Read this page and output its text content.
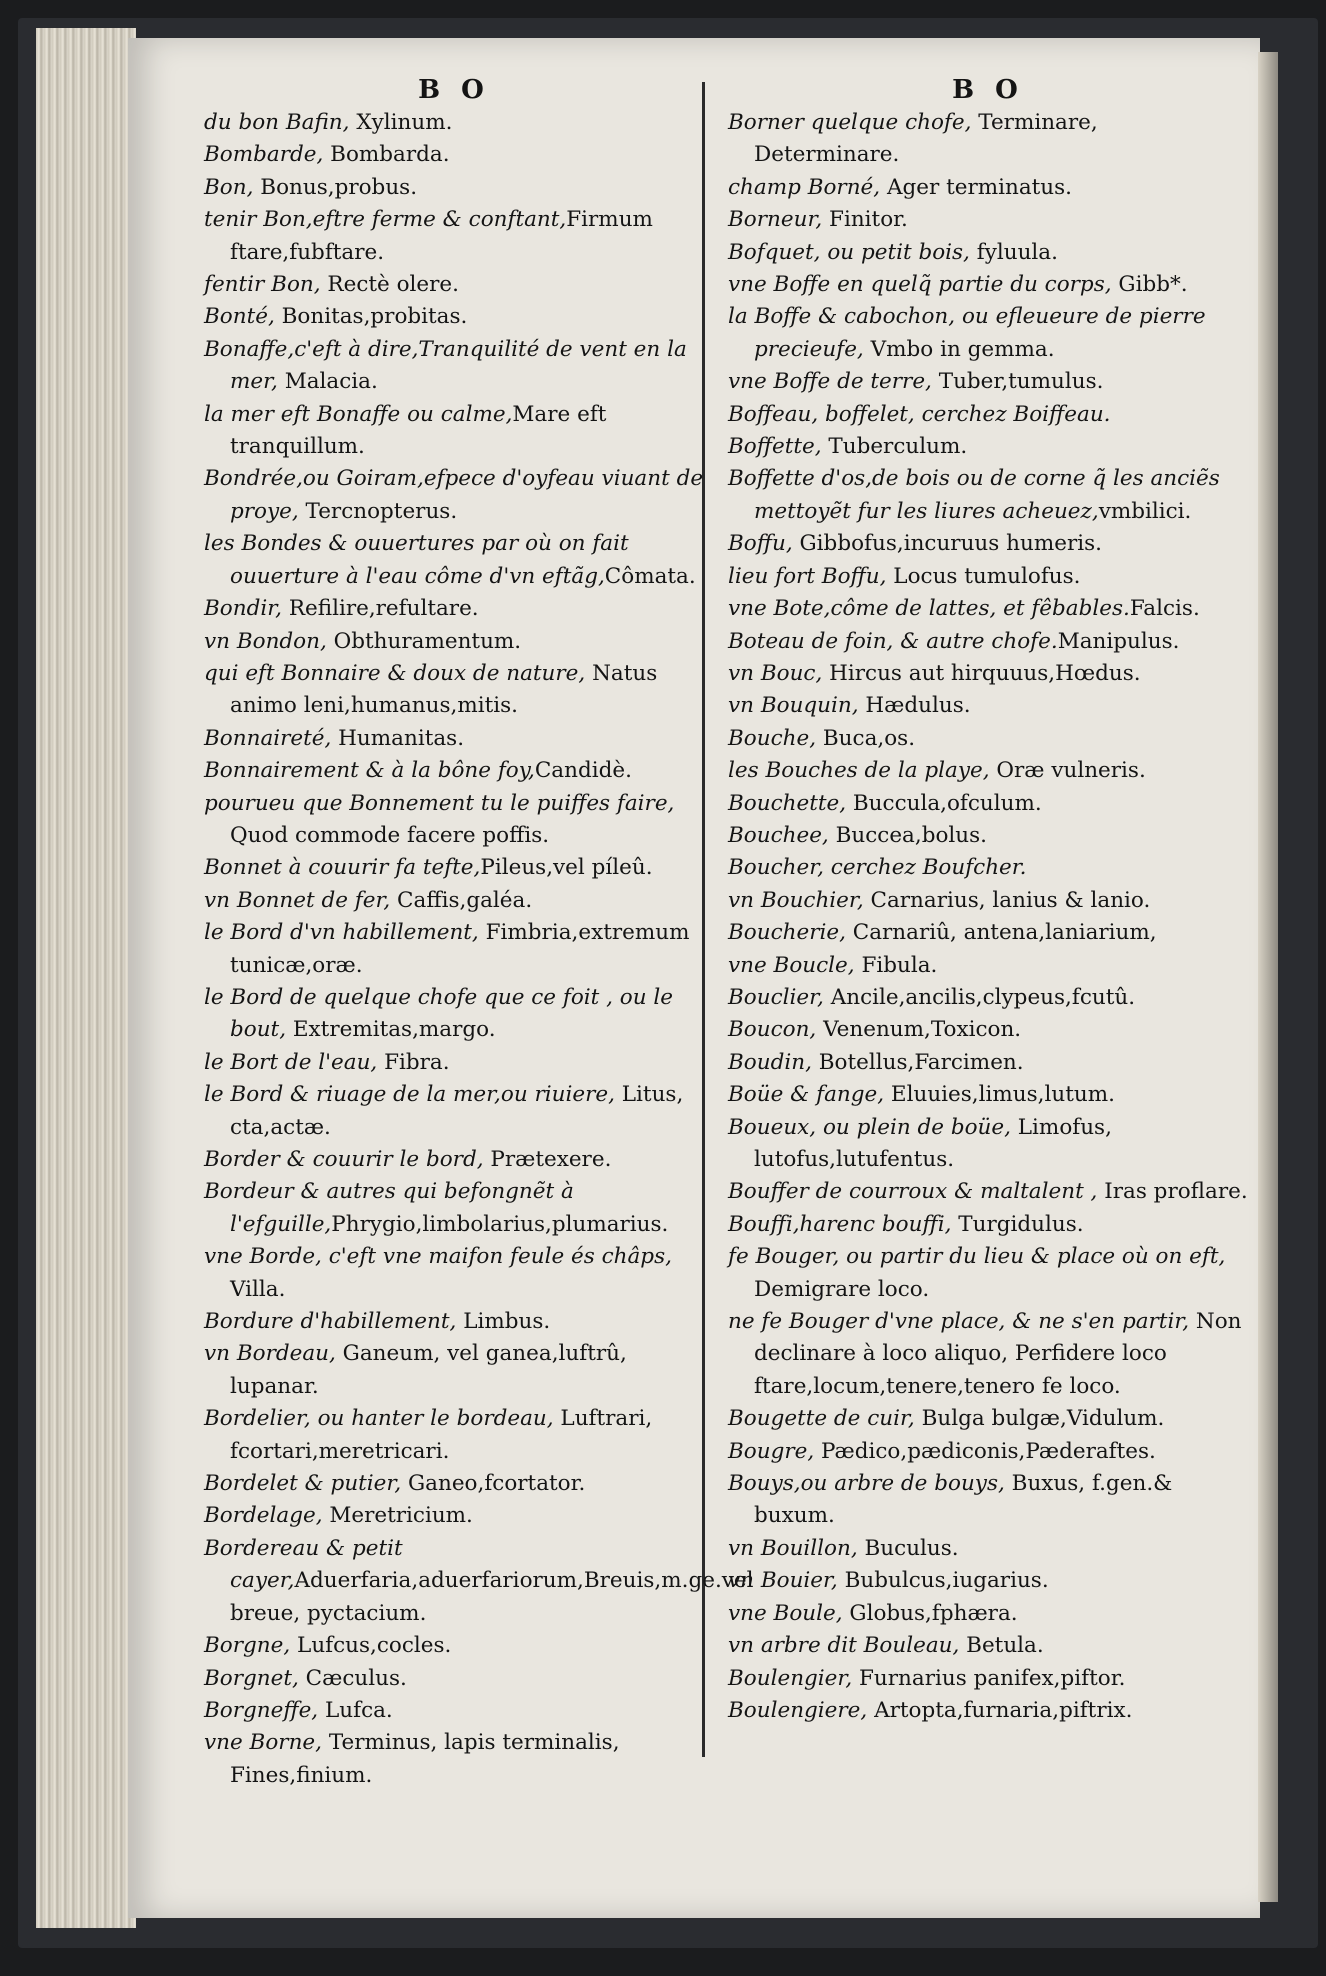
B O
du bon Bafin, Xylinum.
Bombarde, Bombarda.
Bon, Bonus,probus.
tenir Bon,eftre ferme & conftant,Firmum ftare,fubftare.
fentir Bon, Rectè olere.
Bonté, Bonitas,probitas.
Bonaffe,c'eft à dire,Tranquilité de vent en la mer, Malacia.
la mer eft Bonaffe ou calme,Mare eft tranquillum.
Bondrée,ou Goiram,efpece d'oyfeau viuant de proye, Tercnopterus.
les Bondes & ouuertures par où on fait ouuerture à l'eau côme d'vn eftãg,Cômata.
Bondir, Refilire,refultare.
vn Bondon, Obthuramentum.
qui eft Bonnaire & doux de nature, Natus animo leni,humanus,mitis.
Bonnaireté, Humanitas.
Bonnairement & à la bône foy,Candidè.
pourueu que Bonnement tu le puiffes faire, Quod commode facere poffis.
Bonnet à couurir fa tefte,Pileus,vel píleû.
vn Bonnet de fer, Caffis,galéa.
le Bord d'vn habillement, Fimbria,extremum tunicæ,oræ.
le Bord de quelque chofe que ce foit , ou le bout, Extremitas,margo.
le Bort de l'eau, Fibra.
le Bord & riuage de la mer,ou riuiere, Litus, cta,actæ.
Border & couurir le bord, Prætexere.
Bordeur & autres qui befongnẽt à l'efguille,Phrygio,limbolarius,plumarius.
vne Borde, c'eft vne maifon feule és châps, Villa.
Bordure d'habillement, Limbus.
vn Bordeau, Ganeum, vel ganea,luftrû, lupanar.
Bordelier, ou hanter le bordeau, Luftrari, fcortari,meretricari.
Bordelet & putier, Ganeo,fcortator.
Bordelage, Meretricium.
Bordereau & petit cayer,Aduerfaria,aduerfariorum,Breuis,m.ge.vel breue, pyctacium.
Borgne, Lufcus,cocles.
Borgnet, Cæculus.
Borgneffe, Lufca.
vne Borne, Terminus, lapis terminalis, Fines,finium.
B O
Borner quelque chofe, Terminare, Determinare.
champ Borné, Ager terminatus.
Borneur, Finitor.
Bofquet, ou petit bois, fyluula.
vne Boffe en quelq̃ partie du corps, Gibb*.
la Boffe & cabochon, ou efleueure de pierre precieufe, Vmbo in gemma.
vne Boffe de terre, Tuber,tumulus.
Boffeau, boffelet, cerchez Boiffeau.
Boffette, Tuberculum.
Boffette d'os,de bois ou de corne q̃ les anciẽs mettoyẽt fur les liures acheuez,vmbilici.
Boffu, Gibbofus,incuruus humeris.
lieu fort Boffu, Locus tumulofus.
vne Bote,côme de lattes, et fêbables.Falcis.
Boteau de foin, & autre chofe.Manipulus.
vn Bouc, Hircus aut hirquuus,Hœdus.
vn Bouquin, Hædulus.
Bouche, Buca,os.
les Bouches de la playe, Oræ vulneris.
Bouchette, Buccula,ofculum.
Bouchee, Buccea,bolus.
Boucher, cerchez Boufcher.
vn Bouchier, Carnarius, lanius & lanio.
Boucherie, Carnariû, antena,laniarium,
vne Boucle, Fibula.
Bouclier, Ancile,ancilis,clypeus,fcutû.
Boucon, Venenum,Toxicon.
Boudin, Botellus,Farcimen.
Boüe & fange, Eluuies,limus,lutum.
Boueux, ou plein de boüe, Limofus, lutofus,lutufentus.
Bouffer de courroux & maltalent , Iras proflare.
Bouffi,harenc bouffi, Turgidulus.
fe Bouger, ou partir du lieu & place où on eft, Demigrare loco.
ne fe Bouger d'vne place, & ne s'en partir, Non declinare à loco aliquo, Perfidere loco ftare,locum,tenere,tenero fe loco.
Bougette de cuir, Bulga bulgæ,Vidulum.
Bougre, Pædico,pædiconis,Pæderaftes.
Bouys,ou arbre de bouys, Buxus, f.gen.& buxum.
vn Bouillon, Buculus.
vn Bouier, Bubulcus,iugarius.
vne Boule, Globus,fphæra.
vn arbre dit Bouleau, Betula.
Boulengier, Furnarius panifex,piftor.
Boulengiere, Artopta,furnaria,piftrix.
